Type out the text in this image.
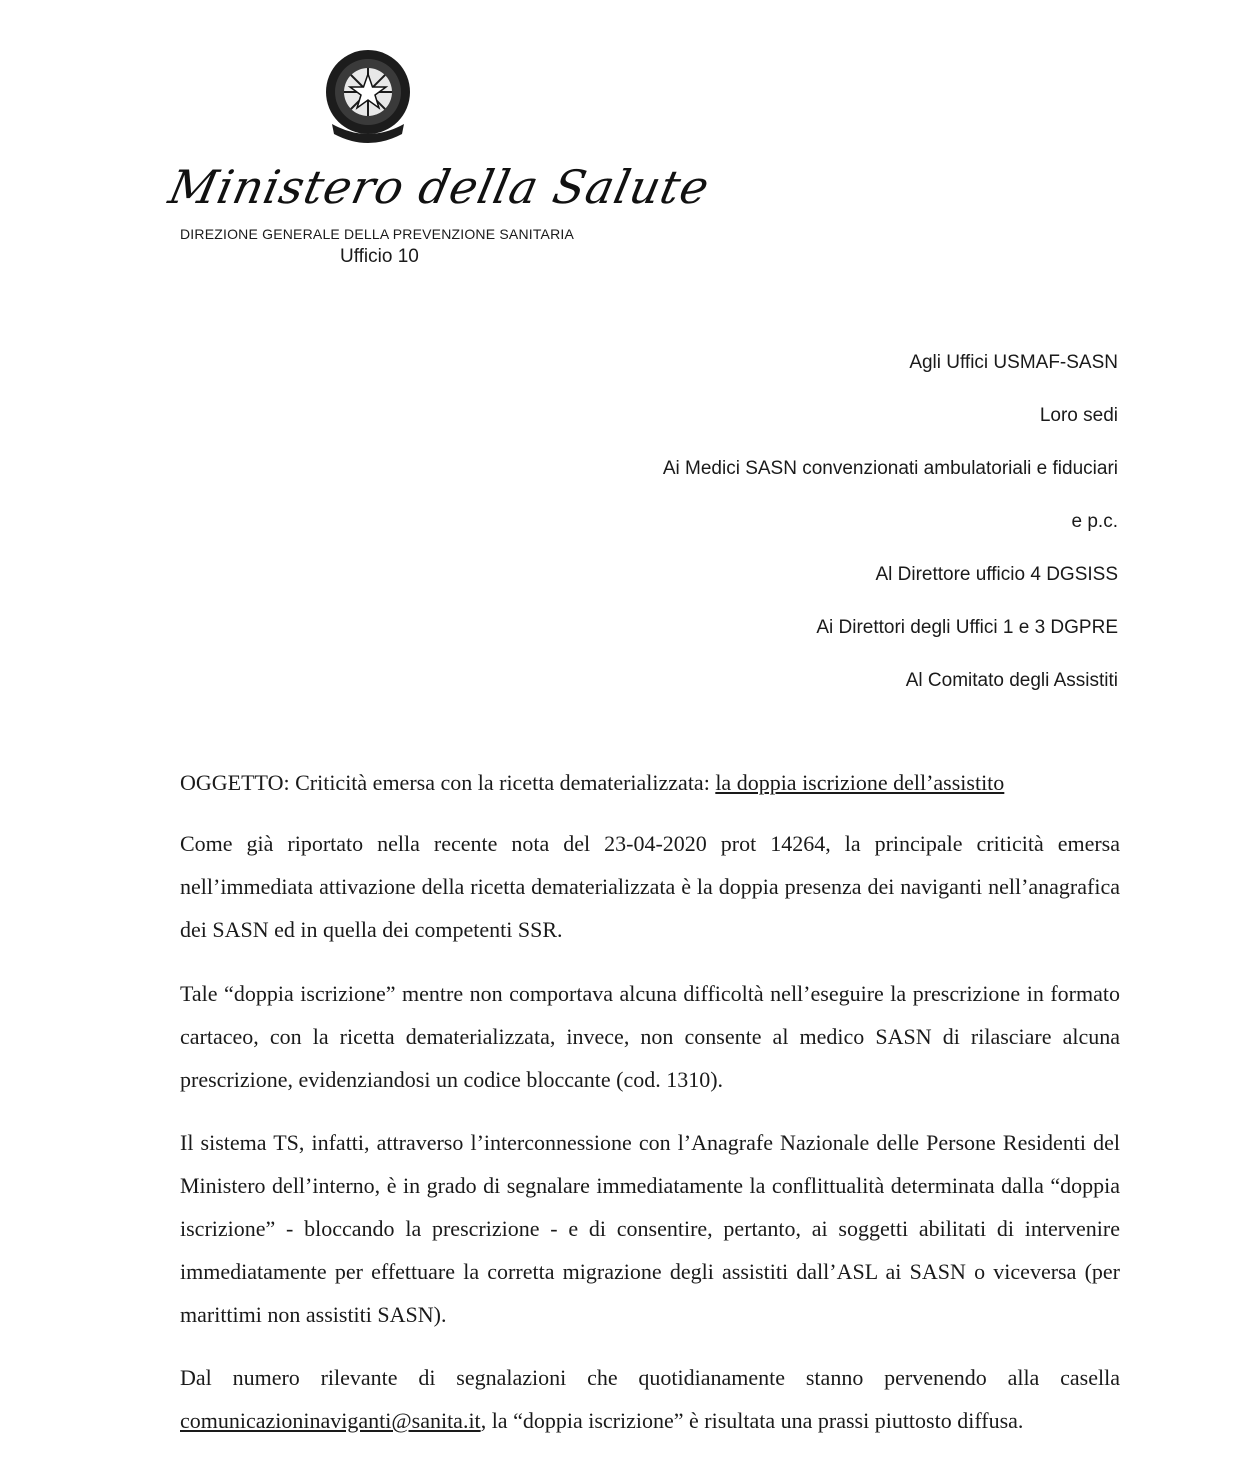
Ministero della Salute
DIREZIONE GENERALE DELLA PREVENZIONE SANITARIA
Ufficio 10
Agli Uffici USMAF-SASN
Loro sedi
Ai Medici SASN convenzionati ambulatoriali e fiduciari
e p.c.
Al Direttore ufficio 4 DGSISS
Ai Direttori degli Uffici 1 e 3 DGPRE
Al Comitato degli Assistiti
OGGETTO: Criticità emersa con la ricetta dematerializzata: la doppia iscrizione dell’assistito

Come già riportato nella recente nota del 23-04-2020 prot 14264, la principale criticità emersa nell’immediata attivazione della ricetta dematerializzata è la doppia presenza dei naviganti nell’anagrafica dei SASN ed in quella dei competenti SSR.

Tale “doppia iscrizione” mentre non comportava alcuna difficoltà nell’eseguire la prescrizione in formato cartaceo, con la ricetta dematerializzata, invece, non consente al medico SASN di rilasciare alcuna prescrizione, evidenziandosi un codice bloccante (cod. 1310).

Il sistema TS, infatti, attraverso l’interconnessione con l’Anagrafe Nazionale delle Persone Residenti del Ministero dell’interno, è in grado di segnalare immediatamente la conflittualità determinata dalla “doppia iscrizione” - bloccando la prescrizione - e di consentire, pertanto, ai soggetti abilitati di intervenire immediatamente per effettuare la corretta migrazione degli assistiti dall’ASL ai SASN o viceversa (per marittimi non assistiti SASN).

Dal numero rilevante di segnalazioni che quotidianamente stanno pervenendo alla casella comunicazioninaviganti@sanita.it, la “doppia iscrizione” è risultata una prassi piuttosto diffusa.
